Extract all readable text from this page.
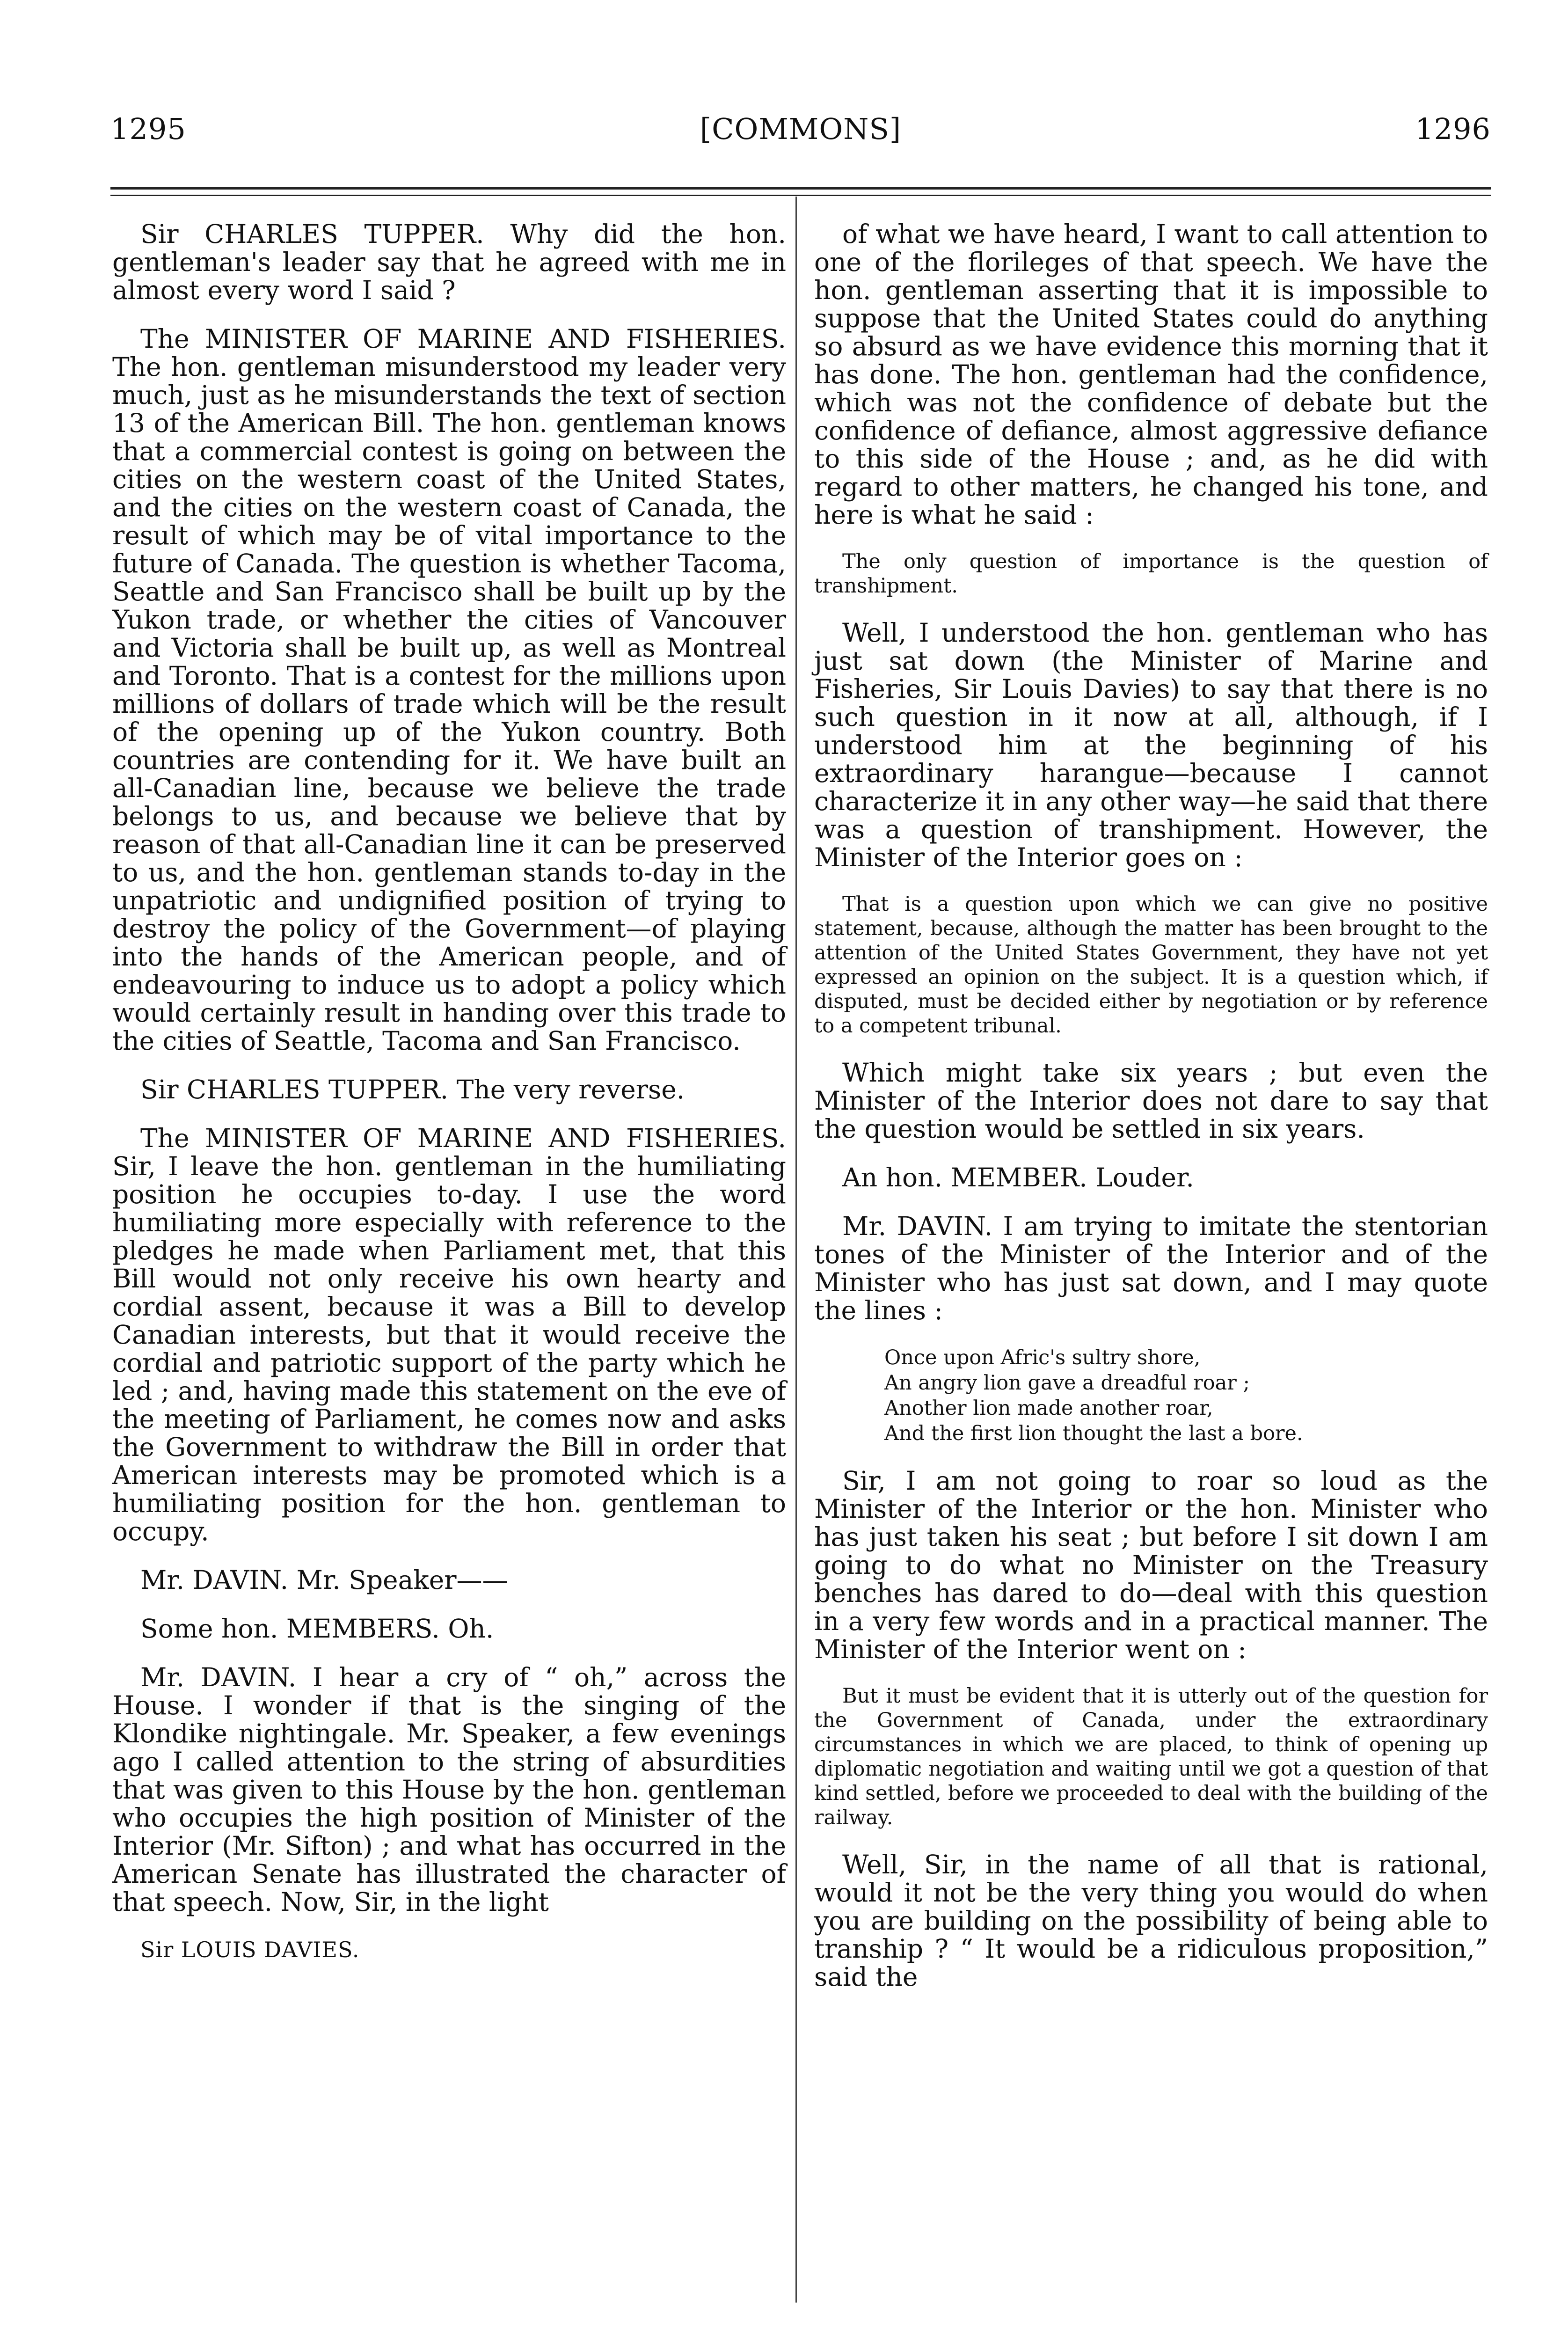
1295	[COMMONS]	1296

Sir CHARLES TUPPER. Why did the hon. gentleman's leader say that he agreed with me in almost every word I said ?

The MINISTER OF MARINE AND FISHERIES. The hon. gentleman misunderstood my leader very much, just as he misunderstands the text of section 13 of the American Bill. The hon. gentleman knows that a commercial contest is going on between the cities on the western coast of the United States, and the cities on the western coast of Canada, the result of which may be of vital importance to the future of Canada. The question is whether Tacoma, Seattle and San Francisco shall be built up by the Yukon trade, or whether the cities of Vancouver and Victoria shall be built up, as well as Montreal and Toronto. That is a contest for the millions upon millions of dollars of trade which will be the result of the opening up of the Yukon country. Both countries are contending for it. We have built an all-Canadian line, because we believe the trade belongs to us, and because we believe that by reason of that all-Canadian line it can be preserved to us, and the hon. gentleman stands to-day in the unpatriotic and undignified position of trying to destroy the policy of the Government—of playing into the hands of the American people, and of endeavouring to induce us to adopt a policy which would certainly result in handing over this trade to the cities of Seattle, Tacoma and San Francisco.

Sir CHARLES TUPPER. The very reverse.

The MINISTER OF MARINE AND FISHERIES. Sir, I leave the hon. gentleman in the humiliating position he occupies to-day. I use the word humiliating more especially with reference to the pledges he made when Parliament met, that this Bill would not only receive his own hearty and cordial assent, because it was a Bill to develop Canadian interests, but that it would receive the cordial and patriotic support of the party which he led ; and, having made this statement on the eve of the meeting of Parliament, he comes now and asks the Government to withdraw the Bill in order that American interests may be promoted which is a humiliating position for the hon. gentleman to occupy.

Mr. DAVIN. Mr. Speaker——

Some hon. MEMBERS. Oh.

Mr. DAVIN. I hear a cry of “ oh,” across the House. I wonder if that is the singing of the Klondike nightingale. Mr. Speaker, a few evenings ago I called attention to the string of absurdities that was given to this House by the hon. gentleman who occupies the high position of Minister of the Interior (Mr. Sifton) ; and what has occurred in the American Senate has illustrated the character of that speech. Now, Sir, in the light

Sir LOUIS DAVIES.

of what we have heard, I want to call attention to one of the florileges of that speech. We have the hon. gentleman asserting that it is impossible to suppose that the United States could do anything so absurd as we have evidence this morning that it has done. The hon. gentleman had the confidence, which was not the confidence of debate but the confidence of defiance, almost aggressive defiance to this side of the House ; and, as he did with regard to other matters, he changed his tone, and here is what he said :

The only question of importance is the question of transhipment.

Well, I understood the hon. gentleman who has just sat down (the Minister of Marine and Fisheries, Sir Louis Davies) to say that there is no such question in it now at all, although, if I understood him at the beginning of his extraordinary harangue—because I cannot characterize it in any other way—he said that there was a question of transhipment. However, the Minister of the Interior goes on :

That is a question upon which we can give no positive statement, because, although the matter has been brought to the attention of the United States Government, they have not yet expressed an opinion on the subject. It is a question which, if disputed, must be decided either by negotiation or by reference to a competent tribunal.

Which might take six years ; but even the Minister of the Interior does not dare to say that the question would be settled in six years.

An hon. MEMBER. Louder.

Mr. DAVIN. I am trying to imitate the stentorian tones of the Minister of the Interior and of the Minister who has just sat down, and I may quote the lines :

Once upon Afric's sultry shore,
An angry lion gave a dreadful roar ;
Another lion made another roar,
And the first lion thought the last a bore.

Sir, I am not going to roar so loud as the Minister of the Interior or the hon. Minister who has just taken his seat ; but before I sit down I am going to do what no Minister on the Treasury benches has dared to do—deal with this question in a very few words and in a practical manner. The Minister of the Interior went on :

But it must be evident that it is utterly out of the question for the Government of Canada, under the extraordinary circumstances in which we are placed, to think of opening up diplomatic negotiation and waiting until we got a question of that kind settled, before we proceeded to deal with the building of the railway.

Well, Sir, in the name of all that is rational, would it not be the very thing you would do when you are building on the possibility of being able to tranship ? “ It would be a ridiculous proposition,” said the
